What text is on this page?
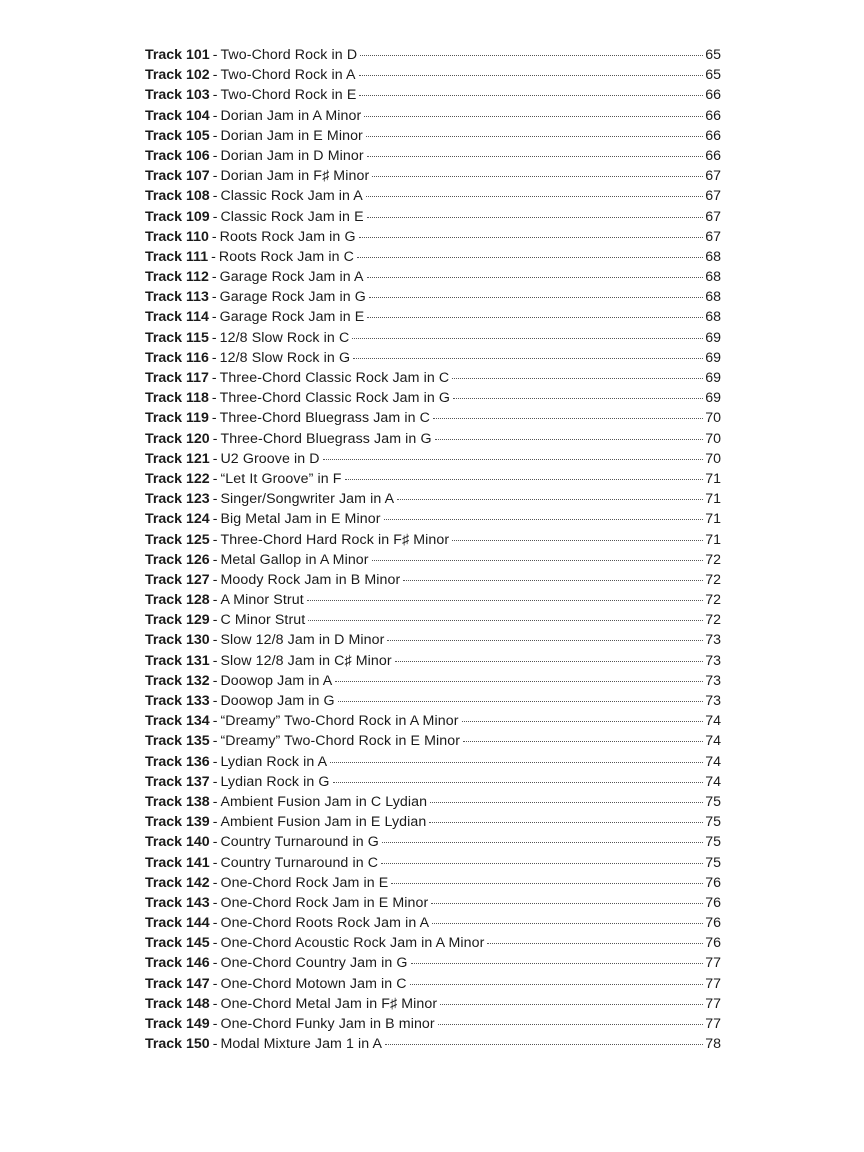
Track 101 - Two-Chord Rock in D	65
Track 102 - Two-Chord Rock in A	65
Track 103 - Two-Chord Rock in E	66
Track 104 - Dorian Jam in A Minor	66
Track 105 - Dorian Jam in E Minor	66
Track 106 - Dorian Jam in D Minor	66
Track 107 - Dorian Jam in F♯ Minor	67
Track 108 - Classic Rock Jam in A	67
Track 109 - Classic Rock Jam in E	67
Track 110 - Roots Rock Jam in G	67
Track 111 - Roots Rock Jam in C	68
Track 112 - Garage Rock Jam in A	68
Track 113 - Garage Rock Jam in G	68
Track 114 - Garage Rock Jam in E	68
Track 115 - 12/8 Slow Rock in C	69
Track 116 - 12/8 Slow Rock in G	69
Track 117 - Three-Chord Classic Rock Jam in C	69
Track 118 - Three-Chord Classic Rock Jam in G	69
Track 119 - Three-Chord Bluegrass Jam in C	70
Track 120 - Three-Chord Bluegrass Jam in G	70
Track 121 - U2 Groove in D	70
Track 122 - “Let It Groove” in F	71
Track 123 - Singer/Songwriter Jam in A	71
Track 124 - Big Metal Jam in E Minor	71
Track 125 - Three-Chord Hard Rock in F♯ Minor	71
Track 126 - Metal Gallop in A Minor	72
Track 127 - Moody Rock Jam in B Minor	72
Track 128 - A Minor Strut	72
Track 129 - C Minor Strut	72
Track 130 - Slow 12/8 Jam in D Minor	73
Track 131 - Slow 12/8 Jam in C♯ Minor	73
Track 132 - Doowop Jam in A	73
Track 133 - Doowop Jam in G	73
Track 134 - “Dreamy” Two-Chord Rock in A Minor	74
Track 135 - “Dreamy” Two-Chord Rock in E Minor	74
Track 136 - Lydian Rock in A	74
Track 137 - Lydian Rock in G	74
Track 138 - Ambient Fusion Jam in C Lydian	75
Track 139 - Ambient Fusion Jam in E Lydian	75
Track 140 - Country Turnaround in G	75
Track 141 - Country Turnaround in C	75
Track 142 - One-Chord Rock Jam in E	76
Track 143 - One-Chord Rock Jam in E Minor	76
Track 144 - One-Chord Roots Rock Jam in A	76
Track 145 - One-Chord Acoustic Rock Jam in A Minor	76
Track 146 - One-Chord Country Jam in G	77
Track 147 - One-Chord Motown Jam in C	77
Track 148 - One-Chord Metal Jam in F♯ Minor	77
Track 149 - One-Chord Funky Jam in B minor	77
Track 150 - Modal Mixture Jam 1 in A	78
